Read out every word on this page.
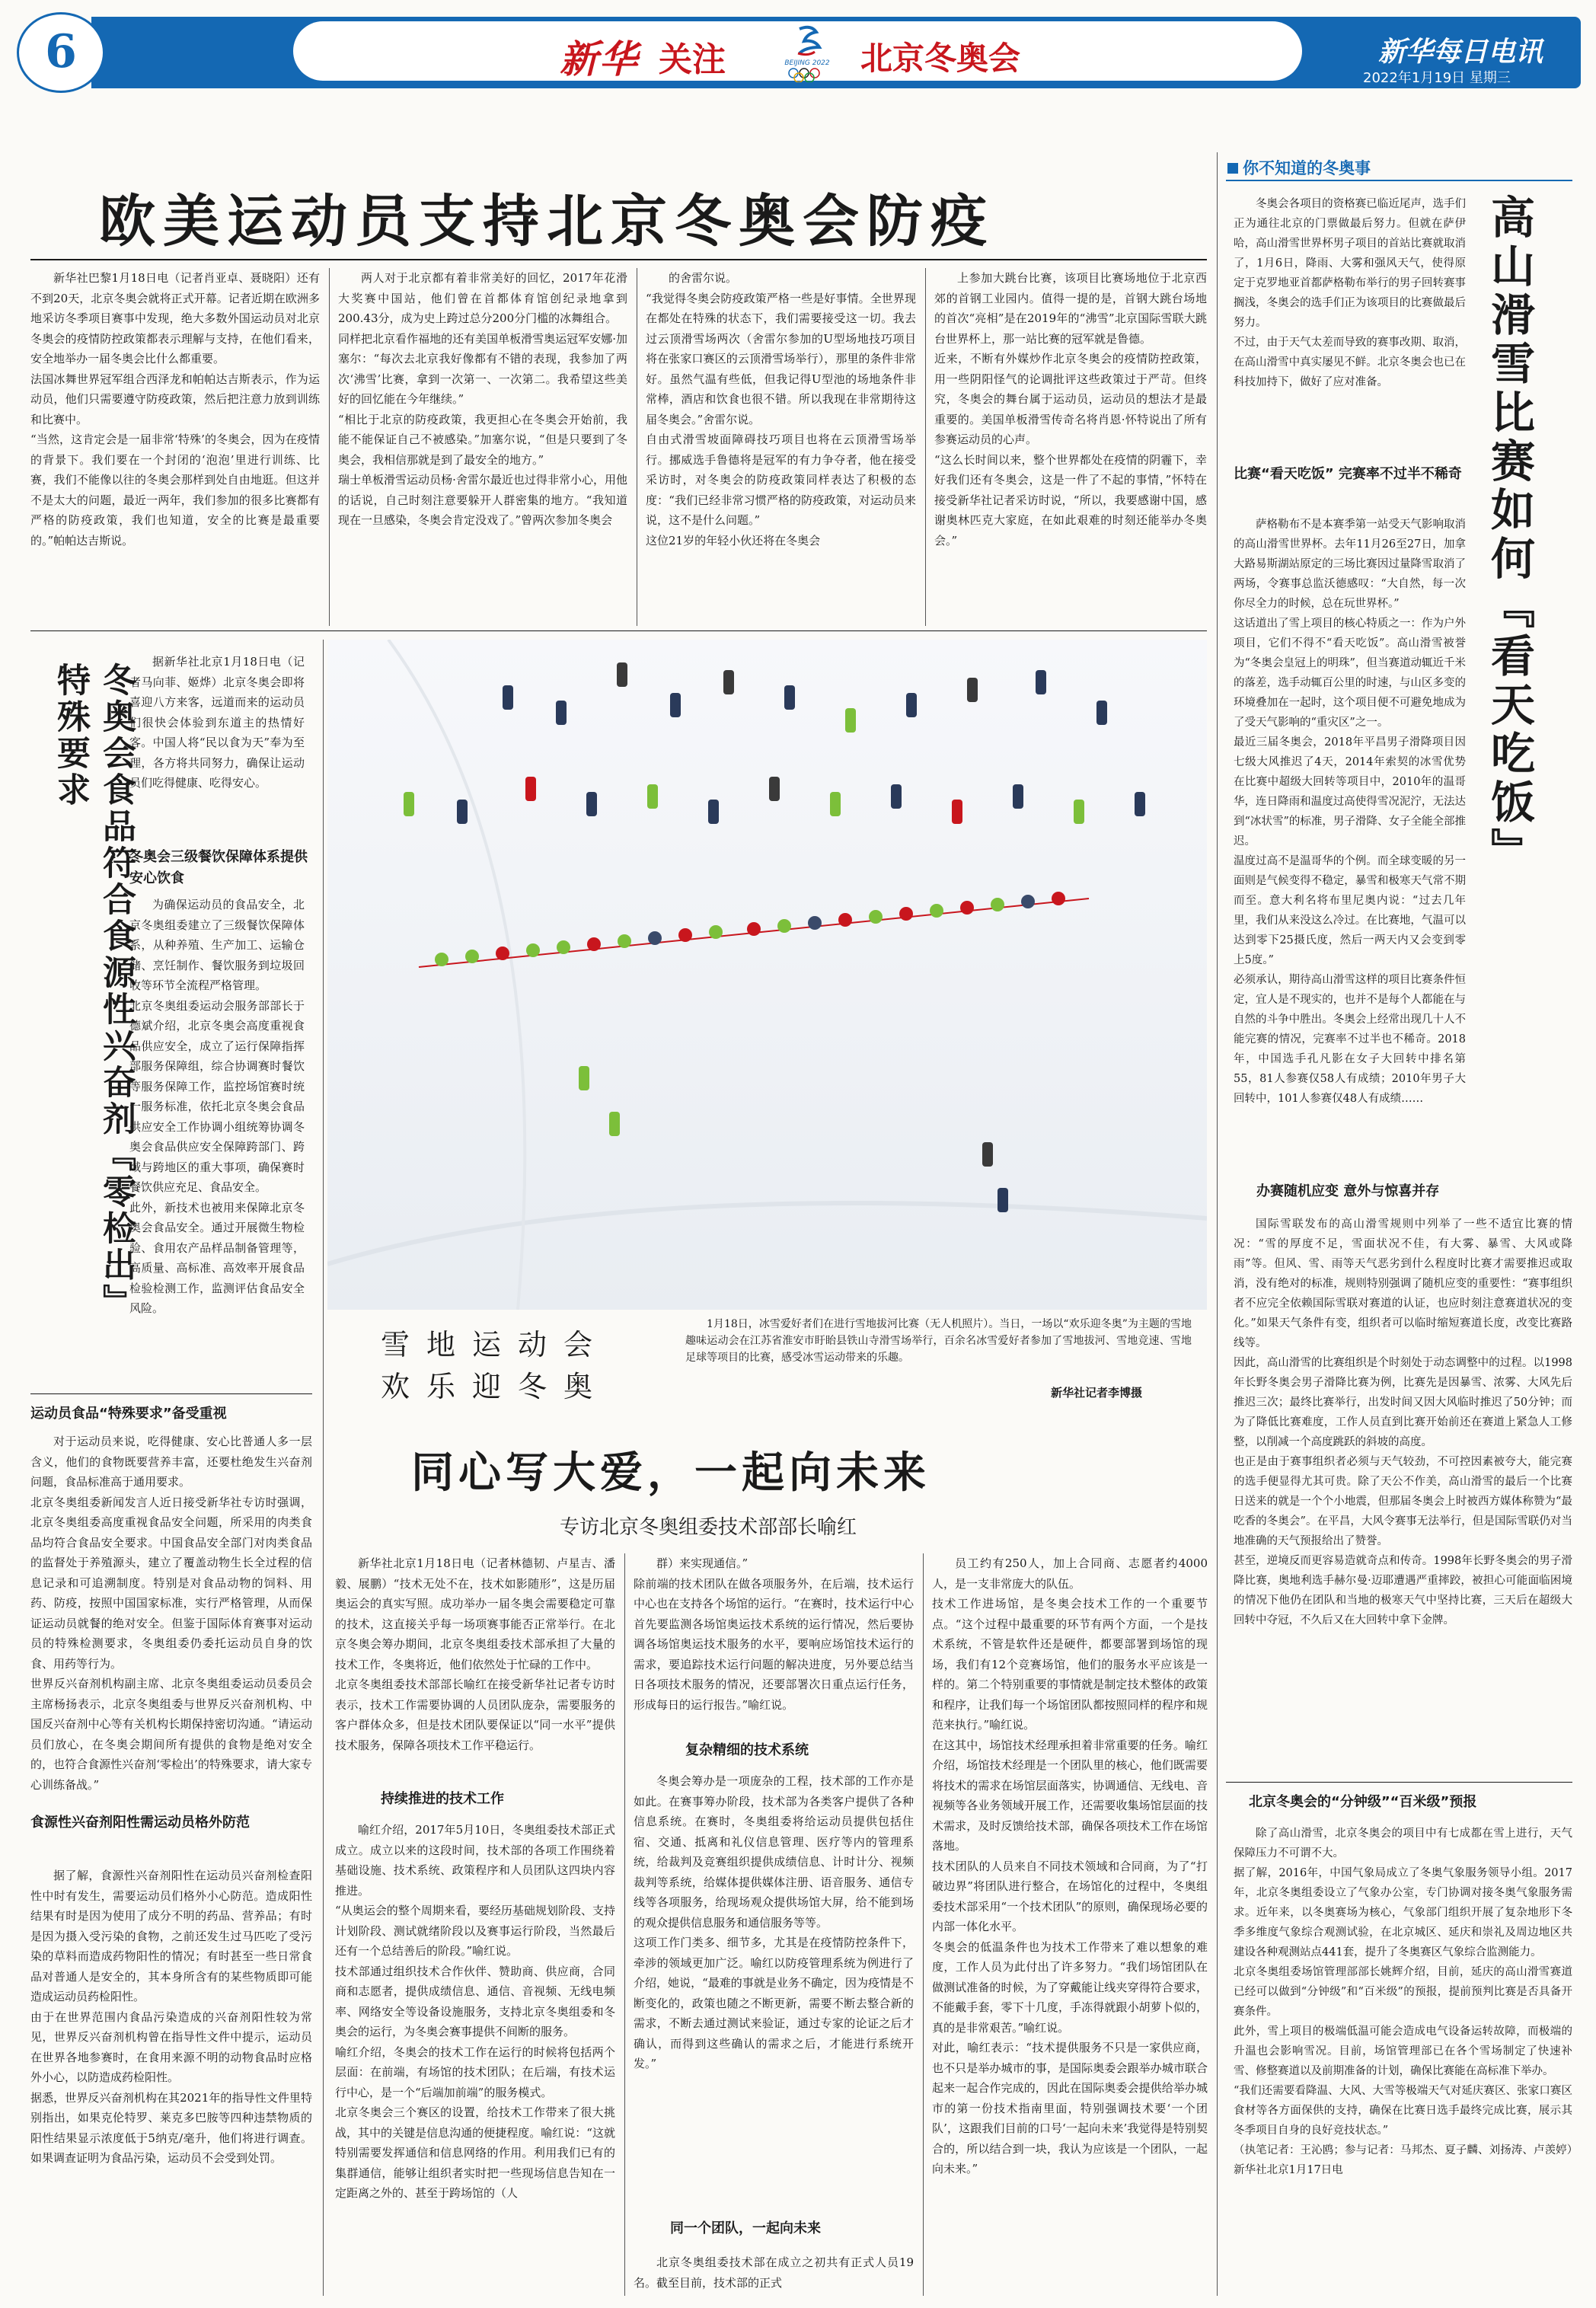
6	新华 关注	BEIJING 2022 北京冬奥会	新华每日电讯
2022年1月19日 星期三
欧美运动员支持北京冬奥会防疫
新华社巴黎1月18日电（记者肖亚卓、聂晓阳）还有不到20天，北京冬奥会就将正式开幕。记者近期在欧洲多地采访冬季项目赛事中发现，绝大多数外国运动员对北京冬奥会的疫情防控政策都表示理解与支持，在他们看来，安全地举办一届冬奥会比什么都重要。
法国冰舞世界冠军组合西泽龙和帕帕达吉斯表示，作为运动员，他们只需要遵守防疫政策，然后把注意力放到训练和比赛中。
“当然，这肯定会是一届非常‘特殊’的冬奥会，因为在疫情的背景下。我们要在一个封闭的‘泡泡’里进行训练、比赛，我们不能像以往的冬奥会那样到处自由地逛。但这并不是太大的问题，最近一两年，我们参加的很多比赛都有严格的防疫政策，我们也知道，安全的比赛是最重要的。”帕帕达吉斯说。
两人对于北京都有着非常美好的回忆，2017年花滑大奖赛中国站，他们曾在首都体育馆创纪录地拿到200.43分，成为史上跨过总分200分门槛的冰舞组合。
同样把北京看作福地的还有美国单板滑雪奥运冠军安娜·加塞尔：“每次去北京我好像都有不错的表现，我参加了两次‘沸雪’比赛，拿到一次第一、一次第二。我希望这些美好的回忆能在今年继续。”
“相比于北京的防疫政策，我更担心在冬奥会开始前，我能不能保证自己不被感染。”加塞尔说，“但是只要到了冬奥会，我相信那就是到了最安全的地方。”
瑞士单板滑雪运动员杨·舍雷尔最近也过得非常小心，用他的话说，自己时刻注意要躲开人群密集的地方。“我知道现在一旦感染，冬奥会肯定没戏了。”曾两次参加冬奥会
的舍雷尔说。
“我觉得冬奥会防疫政策严格一些是好事情。全世界现在都处在特殊的状态下，我们需要接受这一切。我去过云顶滑雪场两次（舍雷尔参加的U型场地技巧项目将在张家口赛区的云顶滑雪场举行），那里的条件非常好。虽然气温有些低，但我记得U型池的场地条件非常棒，酒店和饮食也很不错。所以我现在非常期待这届冬奥会。”舍雷尔说。
自由式滑雪坡面障碍技巧项目也将在云顶滑雪场举行。挪威选手鲁德将是冠军的有力争夺者，他在接受采访时，对冬奥会的防疫政策同样表达了积极的态度：“我们已经非常习惯严格的防疫政策，对运动员来说，这不是什么问题。”
这位21岁的年轻小伙还将在冬奥会
上参加大跳台比赛，该项目比赛场地位于北京西郊的首钢工业园内。值得一提的是，首钢大跳台场地的首次“亮相”是在2019年的“沸雪”北京国际雪联大跳台世界杯上，那一站比赛的冠军就是鲁德。
近来，不断有外媒炒作北京冬奥会的疫情防控政策，用一些阴阳怪气的论调批评这些政策过于严苛。但终究，冬奥会的舞台属于运动员，运动员的想法才是最重要的。美国单板滑雪传奇名将肖恩·怀特说出了所有参赛运动员的心声。
“这么长时间以来，整个世界都处在疫情的阴霾下，幸好我们还有冬奥会，这是一件了不起的事情，”怀特在接受新华社记者采访时说，“所以，我要感谢中国，感谢奥林匹克大家庭，在如此艰难的时刻还能举办冬奥会。”
冬奥会食品符合食源性兴奋剂『零检出』特殊要求
据新华社北京1月18日电（记者马向菲、姬烨）北京冬奥会即将喜迎八方来客，远道而来的运动员们很快会体验到东道主的热情好客。中国人将“民以食为天”奉为至理，各方将共同努力，确保让运动员们吃得健康、吃得安心。
冬奥会三级餐饮保障体系提供安心饮食
为确保运动员的食品安全，北京冬奥组委建立了三级餐饮保障体系，从种养殖、生产加工、运输仓储、烹饪制作、餐饮服务到垃圾回收等环节全流程严格管理。
北京冬奥组委运动会服务部部长于德斌介绍，北京冬奥会高度重视食品供应安全，成立了运行保障指挥部服务保障组，综合协调赛时餐饮等服务保障工作，监控场馆赛时统一服务标准，依托北京冬奥会食品供应安全工作协调小组统筹协调冬奥会食品供应安全保障跨部门、跨域与跨地区的重大事项，确保赛时餐饮供应充足、食品安全。
此外，新技术也被用来保障北京冬奥会食品安全。通过开展微生物检验、食用农产品样品制备管理等，高质量、高标准、高效率开展食品检验检测工作，监测评估食品安全风险。
运动员食品“特殊要求”备受重视
对于运动员来说，吃得健康、安心比普通人多一层含义，他们的食物既要营养丰富，还要杜绝发生兴奋剂问题，食品标准高于通用要求。
北京冬奥组委新闻发言人近日接受新华社专访时强调，北京冬奥组委高度重视食品安全问题，所采用的肉类食品均符合食品安全要求。中国食品安全部门对肉类食品的监督处于养殖源头，建立了覆盖动物生长全过程的信息记录和可追溯制度。特别是对食品动物的饲料、用药、防疫，按照中国国家标准，实行严格管理，从而保证运动员就餐的绝对安全。但鉴于国际体育赛事对运动员的特殊检测要求，冬奥组委仍委托运动员自身的饮食、用药等行为。
世界反兴奋剂机构副主席、北京冬奥组委运动员委员会主席杨扬表示，北京冬奥组委与世界反兴奋剂机构、中国反兴奋剂中心等有关机构长期保持密切沟通。“请运动员们放心，在冬奥会期间所有提供的食物是绝对安全的，也符合食源性兴奋剂‘零检出’的特殊要求，请大家专心训练备战。”
食源性兴奋剂阳性需运动员格外防范
据了解，食源性兴奋剂阳性在运动员兴奋剂检查阳性中时有发生，需要运动员们格外小心防范。造成阳性结果有时是因为使用了成分不明的药品、营养品；有时是因为摄入受污染的食物，之前还发生过马匹吃了受污染的草料而造成药物阳性的情况；有时甚至一些日常食品对普通人是安全的，其本身所含有的某些物质即可能造成运动员药检阳性。
由于在世界范围内食品污染造成的兴奋剂阳性较为常见，世界反兴奋剂机构曾在指导性文件中提示，运动员在世界各地参赛时，在食用来源不明的动物食品时应格外小心，以防造成药检阳性。
据悉，世界反兴奋剂机构在其2021年的指导性文件里特别指出，如果克伦特罗、莱克多巴胺等四种违禁物质的阳性结果显示浓度低于5纳克/毫升，他们将进行调查。如果调查证明为食品污染，运动员不会受到处罚。
雪地运动会
欢乐迎冬奥
1月18日，冰雪爱好者们在进行雪地拔河比赛（无人机照片）。当日，一场以“欢乐迎冬奥”为主题的雪地趣味运动会在江苏省淮安市盱眙县铁山寺滑雪场举行，百余名冰雪爱好者参加了雪地拔河、雪地竞速、雪地足球等项目的比赛，感受冰雪运动带来的乐趣。
新华社记者李博摄
同心写大爱，一起向未来
专访北京冬奥组委技术部部长喻红
新华社北京1月18日电（记者林德韧、卢星吉、潘毅、展鹏）“技术无处不在，技术如影随形”，这是历届奥运会的真实写照。成功举办一届冬奥会需要稳定可靠的技术，这直接关乎每一场项赛事能否正常举行。在北京冬奥会筹办期间，北京冬奥组委技术部承担了大量的技术工作，冬奥将近，他们依然处于忙碌的工作中。
北京冬奥组委技术部部长喻红在接受新华社记者专访时表示，技术工作需要协调的人员团队庞杂，需要服务的客户群体众多，但是技术团队要保证以“同一水平”提供技术服务，保障各项技术工作平稳运行。
持续推进的技术工作
喻红介绍，2017年5月10日，冬奥组委技术部正式成立。成立以来的这段时间，技术部的各项工作围绕着基础设施、技术系统、政策程序和人员团队这四块内容推进。
“从奥运会的整个周期来看，要经历基础规划阶段、支持计划阶段、测试就绪阶段以及赛事运行阶段，当然最后还有一个总结善后的阶段。”喻红说。
技术部通过组织技术合作伙伴、赞助商、供应商，合同商和志愿者，提供成绩信息、通信、音视频、无线电频率、网络安全等设备设施服务，支持北京冬奥组委和冬奥会的运行，为冬奥会赛事提供不间断的服务。
喻红介绍，冬奥会的技术工作在运行的时候将包括两个层面：在前端，有场馆的技术团队；在后端，有技术运行中心，是一个“后端加前端”的服务模式。
北京冬奥会三个赛区的设置，给技术工作带来了很大挑战，其中的关键是信息沟通的便捷程度。喻红说：“这就特别需要发挥通信和信息网络的作用。利用我们已有的集群通信，能够让组织者实时把一些现场信息告知在一定距离之外的、甚至于跨场馆的（人
群）来实现通信。”
除前端的技术团队在做各项服务外，在后端，技术运行中心也在支持各个场馆的运行。“在赛时，技术运行中心首先要监测各场馆奥运技术系统的运行情况，然后要协调各场馆奥运技术服务的水平，要响应场馆技术运行的需求，要追踪技术运行问题的解决进度，另外要总结当日各项技术服务的情况，还要部署次日重点运行任务，形成每日的运行报告。”喻红说。
复杂精细的技术系统
冬奥会筹办是一项庞杂的工程，技术部的工作亦是如此。在赛事筹办阶段，技术部为各类客户提供了各种信息系统。在赛时，冬奥组委将给运动员提供包括住宿、交通、抵离和礼仪信息管理、医疗等内的管理系统，给裁判及竞赛组织提供成绩信息、计时计分、视频裁判等系统，给媒体提供媒体注册、语音服务、通信专线等各项服务，给现场观众提供场馆大屏，给不能到场的观众提供信息服务和通信服务等等。
这项工作门类多、细节多，尤其是在疫情防控条件下，牵涉的领域更加广泛。喻红以防疫管理系统为例进行了介绍，她说，“最难的事就是业务不确定，因为疫情是不断变化的，政策也随之不断更新，需要不断去整合新的需求，不断去通过测试来验证，通过专家的论证之后才确认，而得到这些确认的需求之后，才能进行系统开发。”
同一个团队，一起向未来
北京冬奥组委技术部在成立之初共有正式人员19名。截至目前，技术部的正式
员工约有250人，加上合同商、志愿者约4000人，是一支非常庞大的队伍。
技术工作进场馆，是冬奥会技术工作的一个重要节点。“这个过程中最重要的环节有两个方面，一个是技术系统，不管是软件还是硬件，都要部署到场馆的现场，我们有12个竞赛场馆，他们的服务水平应该是一样的。第二个特别重要的事情就是制定技术整体的政策和程序，让我们每一个场馆团队都按照同样的程序和规范来执行。”喻红说。
在这其中，场馆技术经理承担着非常重要的任务。喻红介绍，场馆技术经理是一个团队里的核心，他们既需要将技术的需求在场馆层面落实，协调通信、无线电、音视频等各业务领域开展工作，还需要收集场馆层面的技术需求，及时反馈给技术部，确保各项技术工作在场馆落地。
技术团队的人员来自不同技术领域和合同商，为了“打破边界”将团队进行整合，在场馆化的过程中，冬奥组委技术部采用“一个技术团队”的原则，确保现场必要的内部一体化水平。
冬奥会的低温条件也为技术工作带来了难以想象的难度，工作人员为此付出了许多努力。“我们场馆团队在做测试准备的时候，为了穿戴能让线夹穿得符合要求，不能戴手套，零下十几度，手冻得就跟小胡萝卜似的，真的是非常艰苦。”喻红说。
对此，喻红表示：“技术提供服务不只是一家供应商，也不只是举办城市的事，是国际奥委会跟举办城市联合起来一起合作完成的，因此在国际奥委会提供给举办城市的第一份技术指南里面，特别强调技术要‘一个团队’，这跟我们目前的口号‘一起向未来’我觉得是特别契合的，所以结合到一块，我认为应该是一个团队，一起向未来。”
你不知道的冬奥事
高山滑雪比赛如何『看天吃饭』
冬奥会各项目的资格赛已临近尾声，选手们正为通往北京的门票做最后努力。但就在萨伊哈，高山滑雪世界杯男子项目的首站比赛就取消了，1月6日，降雨、大雾和强风天气，使得原定于克罗地亚首都萨格勒布举行的男子回转赛事搁浅，冬奥会的选手们正为该项目的比赛做最后努力。
不过，由于天气太差而导致的赛事改期、取消，在高山滑雪中真实屡见不鲜。北京冬奥会也已在科技加持下，做好了应对准备。
比赛“看天吃饭” 完赛率不过半不稀奇
萨格勒布不是本赛季第一站受天气影响取消的高山滑雪世界杯。去年11月26至27日，加拿大路易斯湖站原定的三场比赛因过量降雪取消了两场，令赛事总监沃德感叹：“大自然，每一次你尽全力的时候，总在玩世界杯。”
这话道出了雪上项目的核心特质之一：作为户外项目，它们不得不“看天吃饭”。高山滑雪被誉为“冬奥会皇冠上的明珠”，但当赛道动辄近千米的落差，选手动辄百公里的时速，与山区多变的环境叠加在一起时，这个项目便不可避免地成为了受天气影响的“重灾区”之一。
最近三届冬奥会，2018年平昌男子滑降项目因七级大风推迟了4天，2014年索契的冰雪优势在比赛中超级大回转等项目中，2010年的温哥华，连日降雨和温度过高使得雪况泥泞，无法达到“冰状雪”的标准，男子滑降、女子全能全部推迟。
温度过高不是温哥华的个例。而全球变暖的另一面则是气候变得不稳定，暴雪和极寒天气常不期而至。意大利名将布里尼奥内说：“过去几年里，我们从来没这么冷过。在比赛地，气温可以达到零下25摄氏度，然后一两天内又会变到零上5度。”
必须承认，期待高山滑雪这样的项目比赛条件恒定，宜人是不现实的，也并不是每个人都能在与自然的斗争中胜出。冬奥会上经常出现几十人不能完赛的情况，完赛率不过半也不稀奇。2018年，中国选手孔凡影在女子大回转中排名第55，81人参赛仅58人有成绩；2010年男子大回转中，101人参赛仅48人有成绩……
办赛随机应变 意外与惊喜并存
国际雪联发布的高山滑雪规则中列举了一些不适宜比赛的情况：“雪的厚度不足，雪面状况不佳，有大雾、暴雪、大风或降雨”等。但风、雪、雨等天气恶劣到什么程度时比赛才需要推迟或取消，没有绝对的标准，规则特别强调了随机应变的重要性：“赛事组织者不应完全依赖国际雪联对赛道的认证，也应时刻注意赛道状况的变化。”如果天气条件有变，组织者可以临时缩短赛道长度，改变比赛路线等。
因此，高山滑雪的比赛组织是个时刻处于动态调整中的过程。以1998年长野冬奥会男子滑降比赛为例，比赛先是因暴雪、浓雾、大风先后推迟三次；最终比赛举行，出发时间又因大风临时推迟了50分钟；而为了降低比赛难度，工作人员直到比赛开始前还在赛道上紧急人工修整，以削减一个高度跳跃的斜坡的高度。
也正是由于赛事组织者必须与天气较劲，不可控因素被夸大，能完赛的选手便显得尤其可贵。除了天公不作美，高山滑雪的最后一个比赛日送来的就是一个个小地震，但那届冬奥会上时被西方媒体称赞为“最吃香的冬奥会”。在平昌，大风令赛事无法举行，但是国际雪联仍对当地准确的天气预报给出了赞誉。
甚至，逆境反而更容易造就奇点和传奇。1998年长野冬奥会的男子滑降比赛，奥地利选手赫尔曼·迈耶遭遇严重摔跤，被担心可能面临困境的情况下他仍在团队和当地的极寒天气中坚持比赛，三天后在超级大回转中夺冠，不久后又在大回转中拿下金牌。
北京冬奥会的“分钟级”“百米级”预报
除了高山滑雪，北京冬奥会的项目中有七成都在雪上进行，天气保障压力不可谓不大。
据了解，2016年，中国气象局成立了冬奥气象服务领导小组。2017年，北京冬奥组委设立了气象办公室，专门协调对接冬奥气象服务需求。近年来，以冬奥赛场为核心，气象部门组织开展了复杂地形下冬季多维度气象综合观测试验，在北京城区、延庆和崇礼及周边地区共建设各种观测站点441套，提升了冬奥赛区气象综合监测能力。
北京冬奥组委场馆管理部部长姚辉介绍，目前，延庆的高山滑雪赛道已经可以做到“分钟级”和“百米级”的预报，提前预判比赛是否具备开赛条件。
此外，雪上项目的极端低温可能会造成电气设备运转故障，而极端的升温也会影响雪况。目前，场馆管理部已在各个雪场制定了快速补雪、修整赛道以及前期准备的计划，确保比赛能在高标准下举办。
“我们还需要看降温、大风、大雪等极端天气对延庆赛区、张家口赛区食材等各方面保供的支持，确保在比赛日选手最终完成比赛，展示其冬季项目自身的良好竞技状态。”
（执笔记者：王沁鸥；参与记者：马邦杰、夏子麟、刘扬涛、卢羡婷）新华社北京1月17日电
